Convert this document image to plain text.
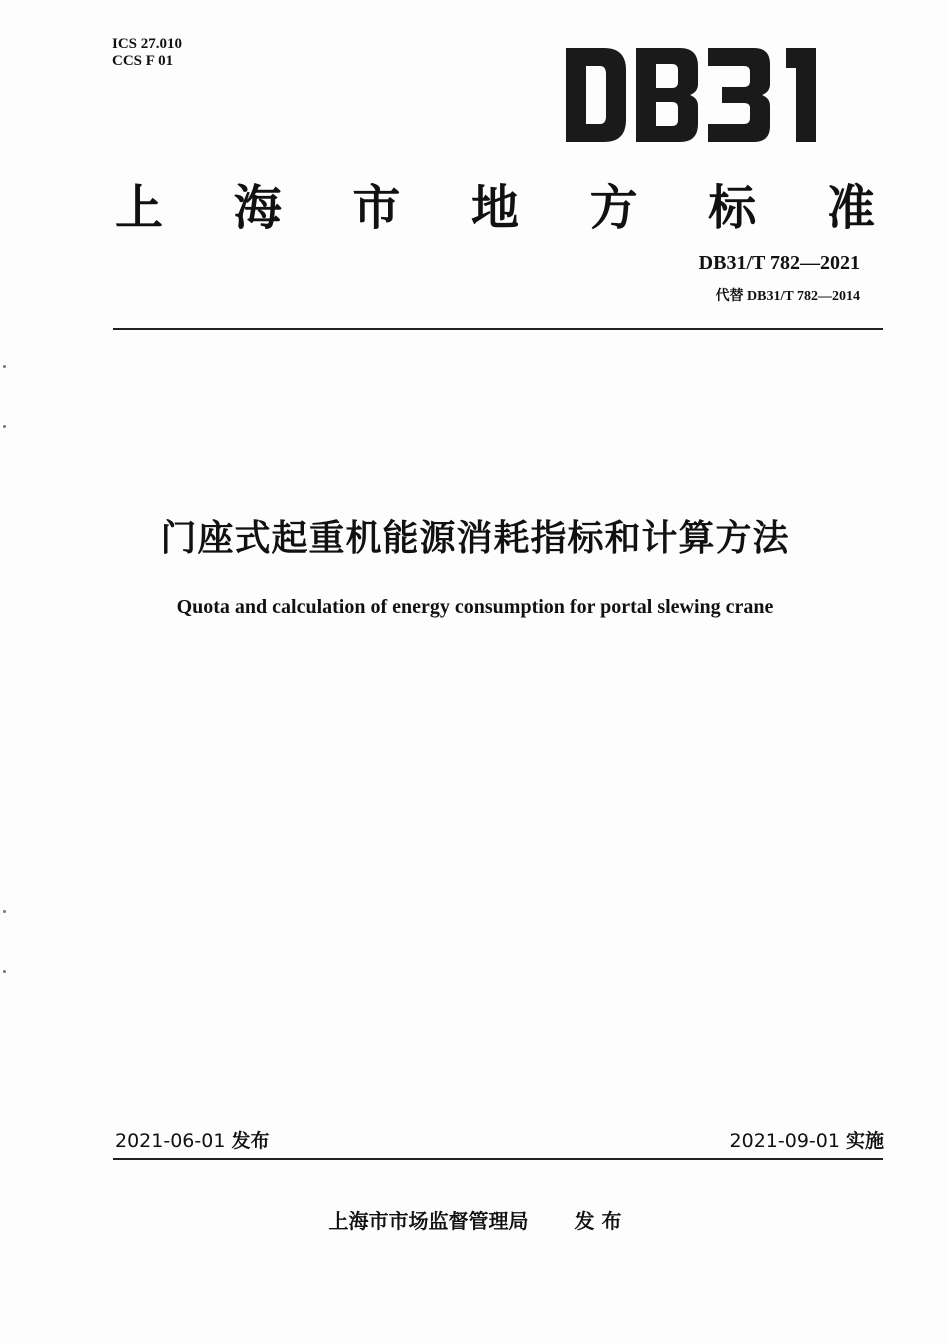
ICS 27.010
CCS F 01
上 海 市 地 方 标 准
DB31/T 782—2021
代替 DB31/T 782—2014
门座式起重机能源消耗指标和计算方法
Quota and calculation of energy consumption for portal slewing crane
2021-06-01 发布	2021-09-01 实施
上海市市场监督管理局 发 布
